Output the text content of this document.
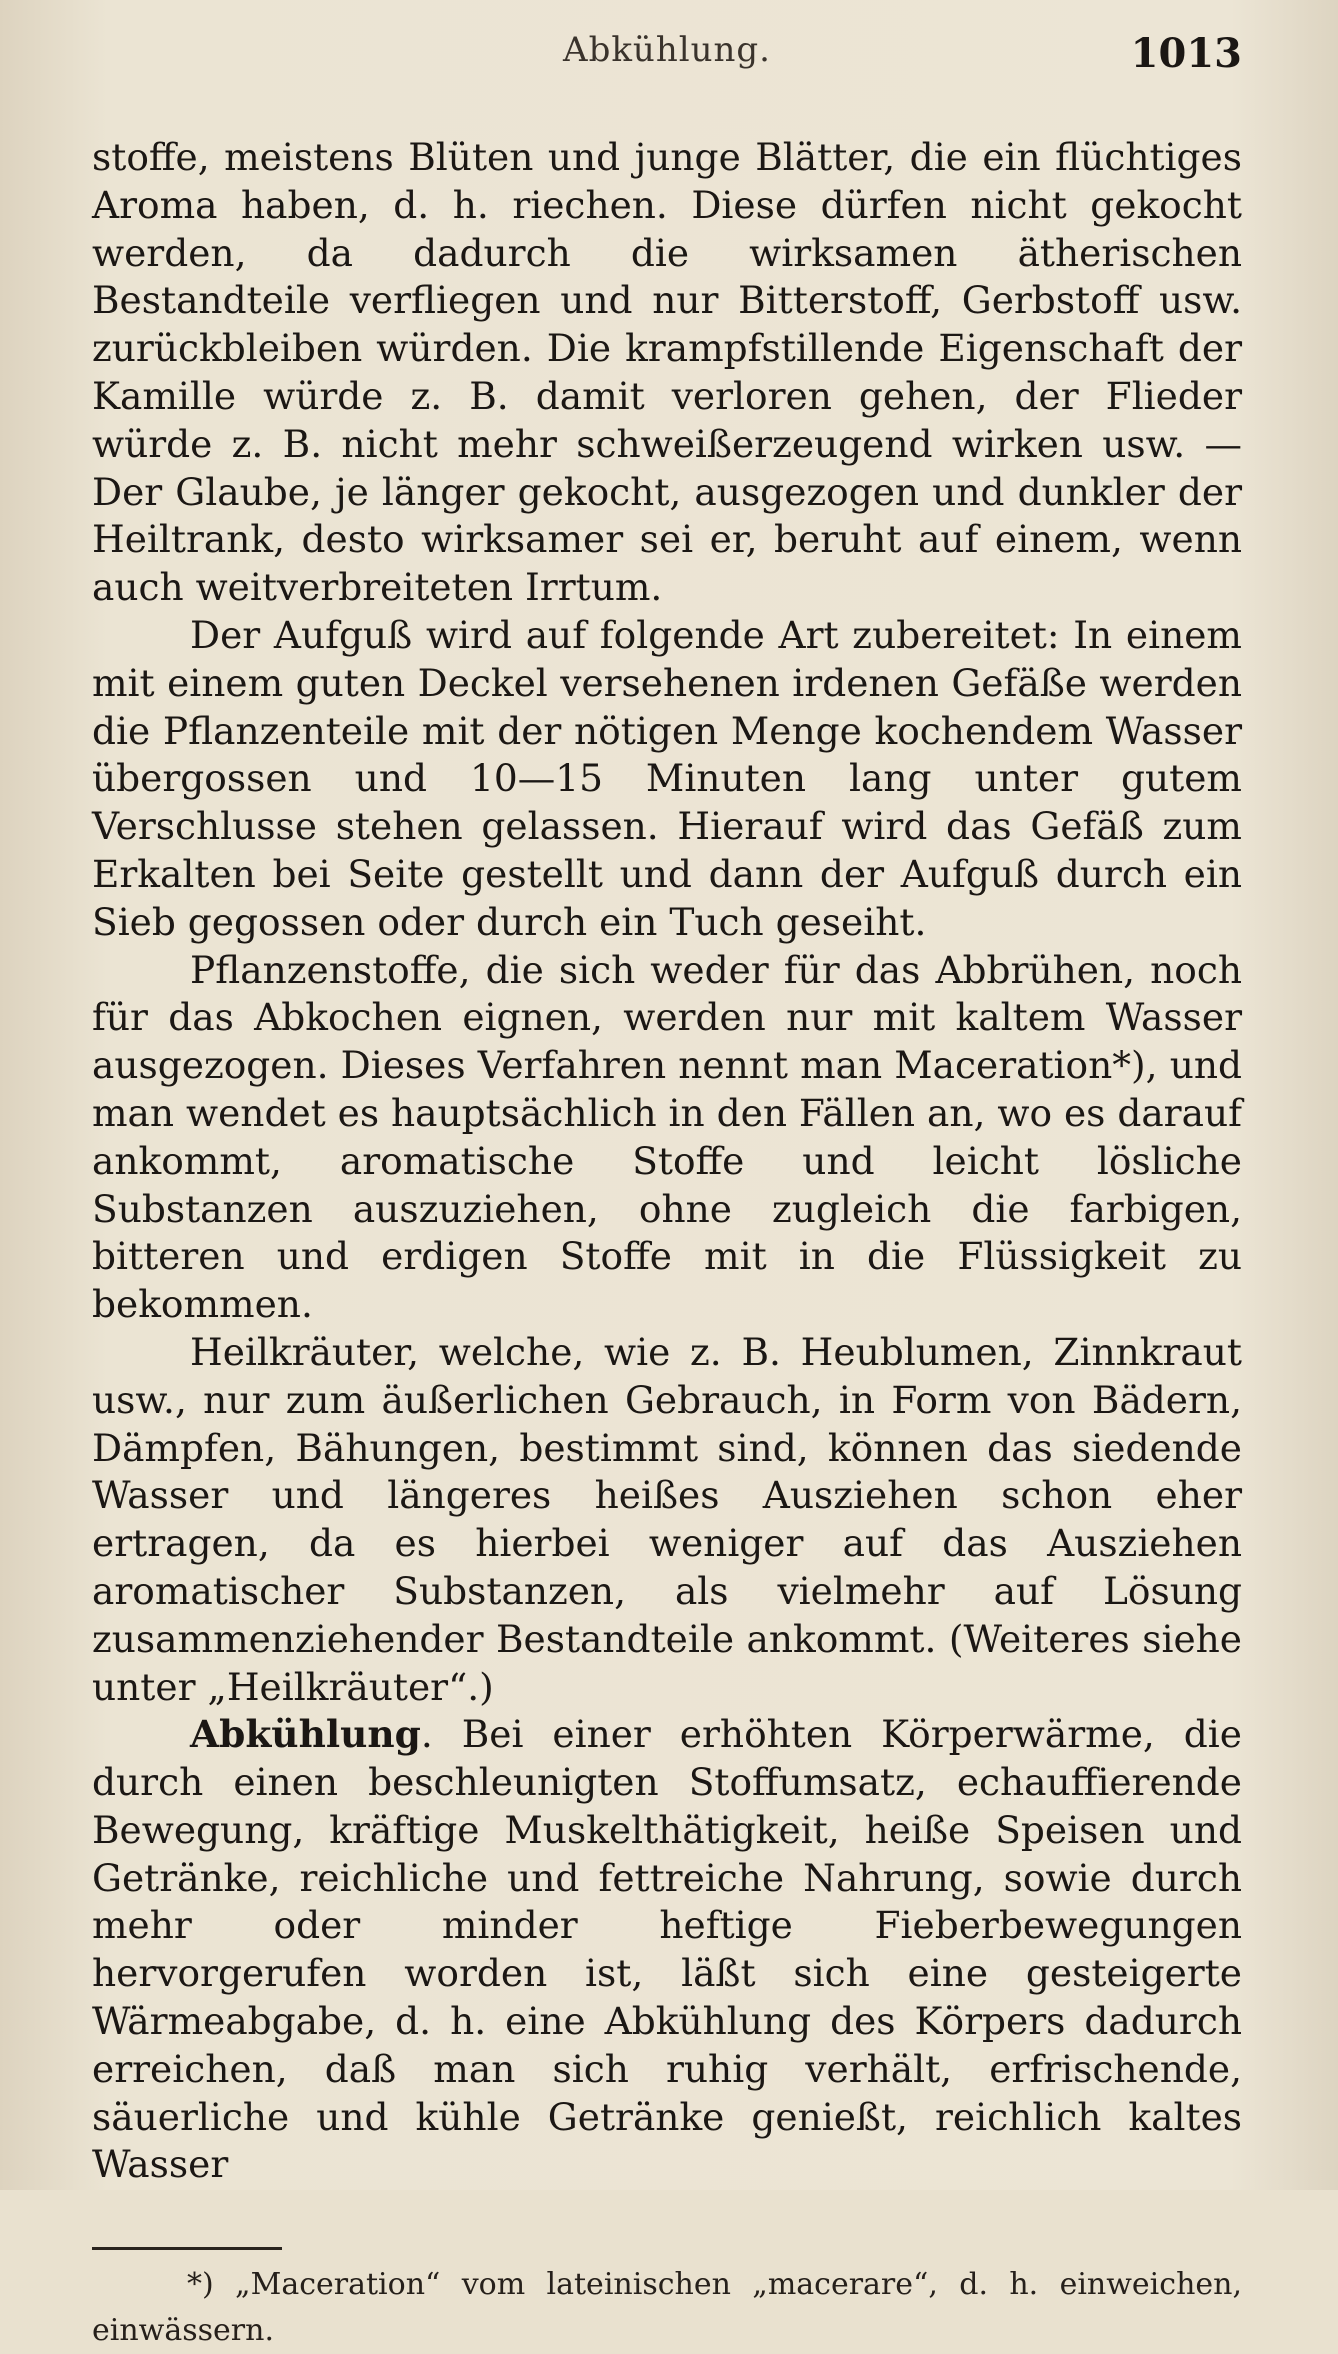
Abkühlung.	1013

stoffe, meistens Blüten und junge Blätter, die ein flüchtiges Aroma haben, d. h. riechen. Diese dürfen nicht gekocht werden, da dadurch die wirksamen ätherischen Bestandteile verfliegen und nur Bitterstoff, Gerbstoff usw. zurückbleiben würden. Die krampfstillende Eigenschaft der Kamille würde z. B. damit verloren gehen, der Flieder würde z. B. nicht mehr schweißerzeugend wirken usw. — Der Glaube, je länger gekocht, ausgezogen und dunkler der Heiltrank, desto wirksamer sei er, beruht auf einem, wenn auch weitverbreiteten Irrtum.

Der Aufguß wird auf folgende Art zubereitet: In einem mit einem guten Deckel versehenen irdenen Gefäße werden die Pflanzenteile mit der nötigen Menge kochendem Wasser übergossen und 10—15 Minuten lang unter gutem Verschlusse stehen gelassen. Hierauf wird das Gefäß zum Erkalten bei Seite gestellt und dann der Aufguß durch ein Sieb gegossen oder durch ein Tuch geseiht.

Pflanzenstoffe, die sich weder für das Abbrühen, noch für das Abkochen eignen, werden nur mit kaltem Wasser ausgezogen. Dieses Verfahren nennt man Maceration*), und man wendet es hauptsächlich in den Fällen an, wo es darauf ankommt, aromatische Stoffe und leicht lösliche Substanzen auszuziehen, ohne zugleich die farbigen, bitteren und erdigen Stoffe mit in die Flüssigkeit zu bekommen.

Heilkräuter, welche, wie z. B. Heublumen, Zinnkraut usw., nur zum äußerlichen Gebrauch, in Form von Bädern, Dämpfen, Bähungen, bestimmt sind, können das siedende Wasser und längeres heißes Ausziehen schon eher ertragen, da es hierbei weniger auf das Ausziehen aromatischer Substanzen, als vielmehr auf Lösung zusammenziehender Bestandteile ankommt. (Weiteres siehe unter „Heilkräuter“.)

Abkühlung. Bei einer erhöhten Körperwärme, die durch einen beschleunigten Stoffumsatz, echauffierende Bewegung, kräftige Muskelthätigkeit, heiße Speisen und Getränke, reichliche und fettreiche Nahrung, sowie durch mehr oder minder heftige Fieberbewegungen hervorgerufen worden ist, läßt sich eine gesteigerte Wärmeabgabe, d. h. eine Abkühlung des Körpers dadurch erreichen, daß man sich ruhig verhält, erfrischende, säuerliche und kühle Getränke genießt, reichlich kaltes Wasser

*) „Maceration“ vom lateinischen „macerare“, d. h. einweichen, einwässern.
